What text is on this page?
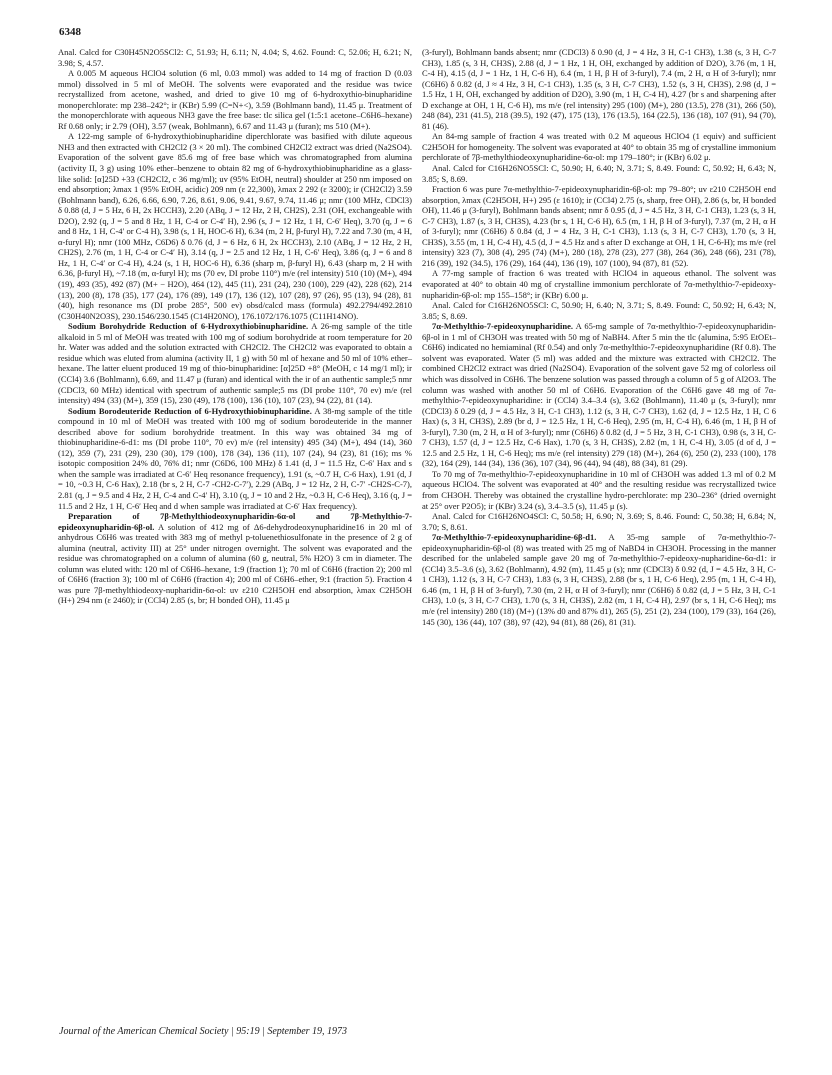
6348

Anal. Calcd for C30H45N2O5SCl2: C, 51.93; H, 6.11; N, 4.04; S, 4.62. Found: C, 52.06; H, 6.21; N, 3.98; S, 4.57.

A 0.005 M aqueous HClO4 solution (6 ml, 0.03 mmol) was added to 14 mg of fraction D (0.03 mmol) dissolved in 5 ml of MeOH. The solvents were evaporated and the residue was twice recrystallized from acetone, washed, and dried to give 10 mg of 6-hydroxythio-binupharidine monoperchlorate: mp 238–242°; ir (KBr) 5.99 (C=N+<), 3.59 (Bohlmann band), 11.45 μ. Treatment of the monoperchlorate with aqueous NH3 gave the free base: tlc silica gel (1:5:1 acetone–C6H6–hexane) Rf 0.68 only; ir 2.79 (OH), 3.57 (weak, Bohlmann), 6.67 and 11.43 μ (furan); ms 510 (M+).

A 122-mg sample of 6-hydroxythiobinupharidine diperchlorate was basified with dilute aqueous NH3 and then extracted with CH2Cl2 (3 × 20 ml). The combined CH2Cl2 extract was dried (Na2SO4). Evaporation of the solvent gave 85.6 mg of free base which was chromatographed from alumina (activity II, 3 g) using 10% ether–benzene to obtain 82 mg of 6-hydroxythiobinupharidine as a glass-like solid: [α]25D +33 (CH2Cl2, c 36 mg/ml); uv (95% EtOH, neutral) shoulder at 250 nm imposed on end absorption; λmax 1 (95% EtOH, acidic) 209 nm (ε 22,300), λmax 2 292 (ε 3200); ir (CH2Cl2) 3.59 (Bohlmann band), 6.26, 6.66, 6.90, 7.26, 8.61, 9.06, 9.41, 9.67, 9.74, 11.46 μ; nmr (100 MHz, CDCl3) δ 0.88 (d, J = 5 Hz, 6 H, 2x HCCH3), 2.20 (ABq, J = 12 Hz, 2 H, CH2S), 2.31 (OH, exchangeable with D2O), 2.92 (q, J = 5 and 8 Hz, 1 H, C-4 or C-4′ H), 2.96 (s, J = 12 Hz, 1 H, C-6′ Heq), 3.70 (q, J = 6 and 8 Hz, 1 H, C-4′ or C-4 H), 3.98 (s, 1 H, HOC-6 H), 6.34 (m, 2 H, β-furyl H), 7.22 and 7.30 (m, 4 H, α-furyl H); nmr (100 MHz, C6D6) δ 0.76 (d, J = 6 Hz, 6 H, 2x HCCH3), 2.10 (ABq, J = 12 Hz, 2 H, CH2S), 2.76 (m, 1 H, C-4 or C-4′ H), 3.14 (q, J = 2.5 and 12 Hz, 1 H, C-6′ Heq), 3.86 (q, J = 6 and 8 Hz, 1 H, C-4′ or C-4 H), 4.24 (s, 1 H, HOC-6 H), 6.36 (sharp m, β-furyl H), 6.43 (sharp m, 2 H with 6.36, β-furyl H), ~7.18 (m, α-furyl H); ms (70 ev, DI probe 110°) m/e (rel intensity) 510 (10) (M+), 494 (19), 493 (35), 492 (87) (M+ − H2O), 464 (12), 445 (11), 231 (24), 230 (100), 229 (42), 228 (62), 214 (13), 200 (8), 178 (35), 177 (24), 176 (89), 149 (17), 136 (12), 107 (28), 97 (26), 95 (13), 94 (28), 81 (40), high resonance ms (DI probe 285°, 500 ev) obsd/calcd mass (formula) 492.2794/492.2810 (C30H40N2O3S), 230.1546/230.1545 (C14H20NO), 176.1072/176.1075 (C11H14NO).

Sodium Borohydride Reduction of 6-Hydroxythiobinupharidine. A 26-mg sample of the title alkaloid in 5 ml of MeOH was treated with 100 mg of sodium borohydride at room temperature for 20 hr. Water was added and the solution extracted with CH2Cl2. The CH2Cl2 was evaporated to obtain a residue which was eluted from alumina (activity II, 1 g) with 50 ml of hexane and 50 ml of 10% ether–hexane. The latter eluent produced 19 mg of thio-binupharidine: [α]25D +8° (MeOH, c 14 mg/1 ml); ir (CCl4) 3.6 (Bohlmann), 6.69, and 11.47 μ (furan) and identical with the ir of an authentic sample;5 nmr (CDCl3, 60 MHz) identical with spectrum of authentic sample;5 ms (DI probe 110°, 70 ev) m/e (rel intensity) 494 (33) (M+), 359 (15), 230 (49), 178 (100), 136 (10), 107 (23), 94 (22), 81 (14).

Sodium Borodeuteride Reduction of 6-Hydroxythiobinupharidine. A 38-mg sample of the title compound in 10 ml of MeOH was treated with 100 mg of sodium borodeuteride in the manner described above for sodium borohydride treatment. In this way was obtained 34 mg of thiobinupharidine-6-d1: ms (DI probe 110°, 70 ev) m/e (rel intensity) 495 (34) (M+), 494 (14), 360 (12), 359 (7), 231 (29), 230 (30), 179 (100), 178 (34), 136 (11), 107 (24), 94 (23), 81 (16); ms % isotopic composition 24% d0, 76% d1; nmr (C6D6, 100 MHz) δ 1.41 (d, J = 11.5 Hz, C-6′ Hax and s when the sample was irradiated at C-6′ Heq resonance frequency), 1.91 (s, ~0.7 H, C-6 Hax), 1.91 (d, J = 10, ~0.3 H, C-6 Hax), 2.18 (br s, 2 H, C-7 -CH2-C-7′), 2.29 (ABq, J = 12 Hz, 2 H, C-7′ -CH2S-C-7), 2.81 (q, J = 9.5 and 4 Hz, 2 H, C-4 and C-4′ H), 3.10 (q, J = 10 and 2 Hz, ~0.3 H, C-6 Heq), 3.16 (q, J = 11.5 and 2 Hz, 1 H, C-6′ Heq and d when sample was irradiated at C-6′ Hax frequency).

Preparation of 7β-Methylthiodeoxynupharidin-6α-ol and 7β-Methylthio-7-epideoxynupharidin-6β-ol. A solution of 412 mg of Δ6-dehydrodeoxynupharidine16 in 20 ml of anhydrous C6H6 was treated with 383 mg of methyl p-toluenethiosulfonate in the presence of 2 g of alumina (neutral, activity III) at 25° under nitrogen overnight. The solvent was evaporated and the residue was chromatographed on a column of alumina (60 g, neutral, 5% H2O) 3 cm in diameter. The column was eluted with: 120 ml of C6H6–hexane, 1:9 (fraction 1); 70 ml of C6H6 (fraction 2); 200 ml of C6H6 (fraction 3); 100 ml of C6H6 (fraction 4); 200 ml of C6H6–ether, 9:1 (fraction 5). Fraction 4 was pure 7β-methylthiodeoxy-nupharidin-6α-ol: uv ε210 C2H5OH end absorption, λmax C2H5OH (H+) 294 nm (ε 2460); ir (CCl4) 2.85 (s, br; H bonded OH), 11.45 μ

(3-furyl), Bohlmann bands absent; nmr (CDCl3) δ 0.90 (d, J = 4 Hz, 3 H, C-1 CH3), 1.38 (s, 3 H, C-7 CH3), 1.85 (s, 3 H, CH3S), 2.88 (d, J = 1 Hz, 1 H, OH, exchanged by addition of D2O), 3.76 (m, 1 H, C-4 H), 4.15 (d, J = 1 Hz, 1 H, C-6 H), 6.4 (m, 1 H, β H of 3-furyl), 7.4 (m, 2 H, α H of 3-furyl); nmr (C6H6) δ 0.82 (d, J ≈ 4 Hz, 3 H, C-1 CH3), 1.35 (s, 3 H, C-7 CH3), 1.52 (s, 3 H, CH3S), 2.98 (d, J = 1.5 Hz, 1 H, OH, exchanged by addition of D2O), 3.90 (m, 1 H, C-4 H), 4.27 (br s and sharpening after D exchange at OH, 1 H, C-6 H), ms m/e (rel intensity) 295 (100) (M+), 280 (13.5), 278 (31), 266 (50), 248 (84), 231 (41.5), 218 (39.5), 192 (47), 175 (13), 176 (13.5), 164 (22.5), 136 (18), 107 (91), 94 (70), 81 (46).

An 84-mg sample of fraction 4 was treated with 0.2 M aqueous HClO4 (1 equiv) and sufficient C2H5OH for homogeneity. The solvent was evaporated at 40° to obtain 35 mg of crystalline immonium perchlorate of 7β-methylthiodeoxynupharidine-6α-ol: mp 179–180°; ir (KBr) 6.02 μ.

Anal. Calcd for C16H26NO5SCl: C, 50.90; H, 6.40; N, 3.71; S, 8.49. Found: C, 50.92; H, 6.43; N, 3.85; S, 8.69.

Fraction 6 was pure 7α-methylthio-7-epideoxynupharidin-6β-ol: mp 79–80°; uv ε210 C2H5OH end absorption, λmax (C2H5OH, H+) 295 (ε 1610); ir (CCl4) 2.75 (s, sharp, free OH), 2.86 (s, br, H bonded OH), 11.46 μ (3-furyl), Bohlmann bands absent; nmr δ 0.95 (d, J = 4.5 Hz, 3 H, C-1 CH3), 1.23 (s, 3 H, C-7 CH3), 1.87 (s, 3 H, CH3S), 4.23 (br s, 1 H, C-6 H), 6.5 (m, 1 H, β H of 3-furyl), 7.37 (m, 2 H, α H of 3-furyl); nmr (C6H6) δ 0.84 (d, J = 4 Hz, 3 H, C-1 CH3), 1.13 (s, 3 H, C-7 CH3), 1.70 (s, 3 H, CH3S), 3.55 (m, 1 H, C-4 H), 4.5 (d, J = 4.5 Hz and s after D exchange at OH, 1 H, C-6-H); ms m/e (rel intensity) 323 (7), 308 (4), 295 (74) (M+), 280 (18), 278 (23), 277 (38), 264 (36), 248 (66), 231 (78), 216 (39), 192 (34.5), 176 (29), 164 (44), 136 (19), 107 (100), 94 (87), 81 (52).

A 77-mg sample of fraction 6 was treated with HClO4 in aqueous ethanol. The solvent was evaporated at 40° to obtain 40 mg of crystalline immonium perchlorate of 7α-methylthio-7-epideoxy-nupharidin-6β-ol: mp 155–158°; ir (KBr) 6.00 μ.

Anal. Calcd for C16H26NO5SCl: C, 50.90; H, 6.40; N, 3.71; S, 8.49. Found: C, 50.92; H, 6.43; N, 3.85; S, 8.69.

7α-Methylthio-7-epideoxynupharidine. A 65-mg sample of 7α-methylthio-7-epideoxynupharidin-6β-ol in 1 ml of CH3OH was treated with 50 mg of NaBH4. After 5 min the tlc (alumina, 5:95 EtOEt–C6H6) indicated no hemiaminal (Rf 0.54) and only 7α-methylthio-7-epideoxynupharidine (Rf 0.8). The solvent was evaporated. Water (5 ml) was added and the mixture was extracted with CH2Cl2. The combined CH2Cl2 extract was dried (Na2SO4). Evaporation of the solvent gave 52 mg of colorless oil which was dissolved in C6H6. The benzene solution was passed through a column of 5 g of Al2O3. The column was washed with another 50 ml of C6H6. Evaporation of the C6H6 gave 48 mg of 7α-methylthio-7-epideoxynupharidine: ir (CCl4) 3.4–3.4 (s), 3.62 (Bohlmann), 11.40 μ (s, 3-furyl); nmr (CDCl3) δ 0.29 (d, J = 4.5 Hz, 3 H, C-1 CH3), 1.12 (s, 3 H, C-7 CH3), 1.62 (d, J = 12.5 Hz, 1 H, C 6 Hax) (s, 3 H, CH3S), 2.89 (br d, J = 12.5 Hz, 1 H, C-6 Heq), 2.95 (m, H, C-4 H), 6.46 (m, 1 H, β H of 3-furyl), 7.30 (m, 2 H, α H of 3-furyl); nmr (C6H6) δ 0.82 (d, J = 5 Hz, 3 H, C-1 CH3), 0.98 (s, 3 H, C-7 CH3), 1.57 (d, J = 12.5 Hz, C-6 Hax), 1.70 (s, 3 H, CH3S), 2.82 (m, 1 H, C-4 H), 3.05 (d of d, J = 12.5 and 2.5 Hz, 1 H, C-6 Heq); ms m/e (rel intensity) 279 (18) (M+), 264 (6), 250 (2), 233 (100), 178 (32), 164 (29), 144 (34), 136 (36), 107 (34), 96 (44), 94 (48), 88 (34), 81 (29).

To 70 mg of 7α-methylthio-7-epideoxynupharidine in 10 ml of CH3OH was added 1.3 ml of 0.2 M aqueous HClO4. The solvent was evaporated at 40° and the resulting residue was recrystallized twice from CH3OH. Thereby was obtained the crystalline hydro-perchlorate: mp 230–236° (dried overnight at 25° over P2O5); ir (KBr) 3.24 (s), 3.4–3.5 (s), 11.45 μ (s).

Anal. Calcd for C16H26NO4SCl: C, 50.58; H, 6.90; N, 3.69; S, 8.46. Found: C, 50.38; H, 6.84; N, 3.70; S, 8.61.

7α-Methylthio-7-epideoxynupharidine-6β-d1. A 35-mg sample of 7α-methylthio-7-epideoxynupharidin-6β-ol (8) was treated with 25 mg of NaBD4 in CH3OH. Processing in the manner described for the unlabeled sample gave 20 mg of 7α-methylthio-7-epideoxy-nupharidine-6α-d1: ir (CCl4) 3.5–3.6 (s), 3.62 (Bohlmann), 4.92 (m), 11.45 μ (s); nmr (CDCl3) δ 0.92 (d, J = 4.5 Hz, 3 H, C-1 CH3), 1.12 (s, 3 H, C-7 CH3), 1.83 (s, 3 H, CH3S), 2.88 (br s, 1 H, C-6 Heq), 2.95 (m, 1 H, C-4 H), 6.46 (m, 1 H, β H of 3-furyl), 7.30 (m, 2 H, α H of 3-furyl); nmr (C6H6) δ 0.82 (d, J = 5 Hz, 3 H, C-1 CH3), 1.0 (s, 3 H, C-7 CH3), 1.70 (s, 3 H, CH3S), 2.82 (m, 1 H, C-4 H), 2.97 (br s, 1 H, C-6 Heq); ms m/e (rel intensity) 280 (18) (M+) (13% d0 and 87% d1), 265 (5), 251 (2), 234 (100), 179 (33), 164 (26), 145 (30), 136 (44), 107 (38), 97 (42), 94 (81), 88 (26), 81 (31).

Journal of the American Chemical Society | 95:19 | September 19, 1973
